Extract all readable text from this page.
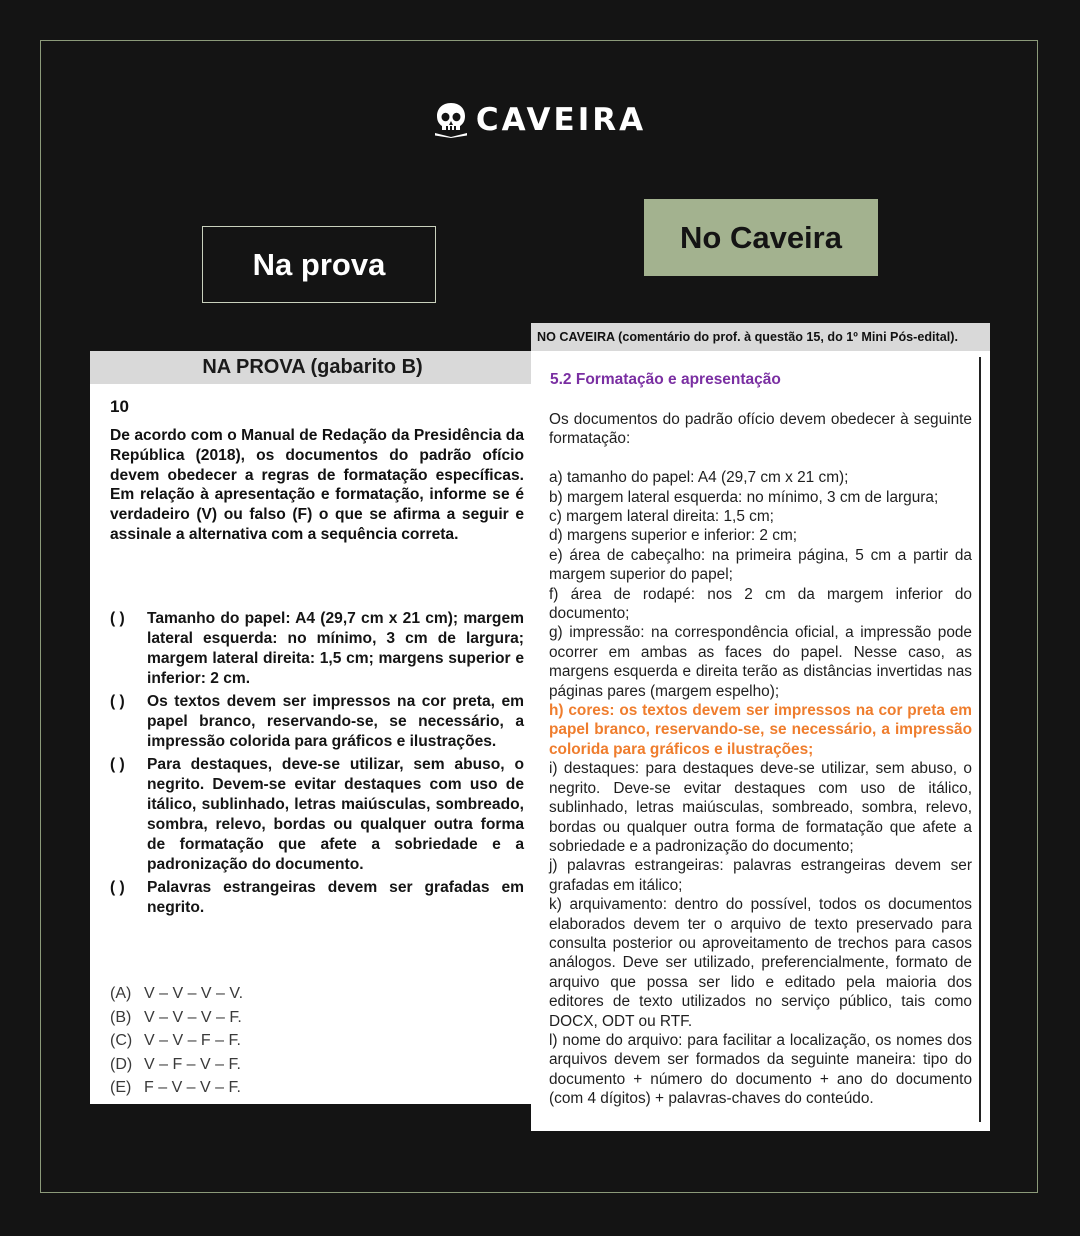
CAVEIRA
Na prova
No Caveira
NA PROVA (gabarito B)
10

De acordo com o Manual de Redação da Presidência da República (2018), os documentos do padrão ofício devem obedecer a regras de formatação específicas. Em relação à apresentação e formatação, informe se é verdadeiro (V) ou falso (F) o que se afirma a seguir e assinale a alternativa com a sequência correta.

( )	Tamanho do papel: A4 (29,7 cm x 21 cm); margem lateral esquerda: no mínimo, 3 cm de largura; margem lateral direita: 1,5 cm; margens superior e inferior: 2 cm.
( )	Os textos devem ser impressos na cor preta, em papel branco, reservando-se, se necessário, a impressão colorida para gráficos e ilustrações.
( )	Para destaques, deve-se utilizar, sem abuso, o negrito. Devem-se evitar destaques com uso de itálico, sublinhado, letras maiúsculas, sombreado, sombra, relevo, bordas ou qualquer outra forma de formatação que afete a sobriedade e a padronização do documento.
( )	Palavras estrangeiras devem ser grafadas em negrito.
(A) V – V – V – V.
(B) V – V – V – F.
(C) V – V – F – F.
(D) V – F – V – F.
(E) F – V – V – F.
NO CAVEIRA (comentário do prof. à questão 15, do 1º Mini Pós-edital).
5.2 Formatação e apresentação

Os documentos do padrão ofício devem obedecer à seguinte formatação:

a) tamanho do papel: A4 (29,7 cm x 21 cm);

b) margem lateral esquerda: no mínimo, 3 cm de largura;

c) margem lateral direita: 1,5 cm;

d) margens superior e inferior: 2 cm;

e) área de cabeçalho: na primeira página, 5 cm a partir da margem superior do papel;

f) área de rodapé: nos 2 cm da margem inferior do documento;

g) impressão: na correspondência oficial, a impressão pode ocorrer em ambas as faces do papel. Nesse caso, as margens esquerda e direita terão as distâncias invertidas nas páginas pares (margem espelho);

h) cores: os textos devem ser impressos na cor preta em papel branco, reservando-se, se necessário, a impressão colorida para gráficos e ilustrações;

i) destaques: para destaques deve-se utilizar, sem abuso, o negrito. Deve-se evitar destaques com uso de itálico, sublinhado, letras maiúsculas, sombreado, sombra, relevo, bordas ou qualquer outra forma de formatação que afete a sobriedade e a padronização do documento;

j) palavras estrangeiras: palavras estrangeiras devem ser grafadas em itálico;

k) arquivamento: dentro do possível, todos os documentos elaborados devem ter o arquivo de texto preservado para consulta posterior ou aproveitamento de trechos para casos análogos. Deve ser utilizado, preferencialmente, formato de arquivo que possa ser lido e editado pela maioria dos editores de texto utilizados no serviço público, tais como DOCX, ODT ou RTF.

l) nome do arquivo: para facilitar a localização, os nomes dos arquivos devem ser formados da seguinte maneira: tipo do documento + número do documento + ano do documento (com 4 dígitos) + palavras-chaves do conteúdo.
